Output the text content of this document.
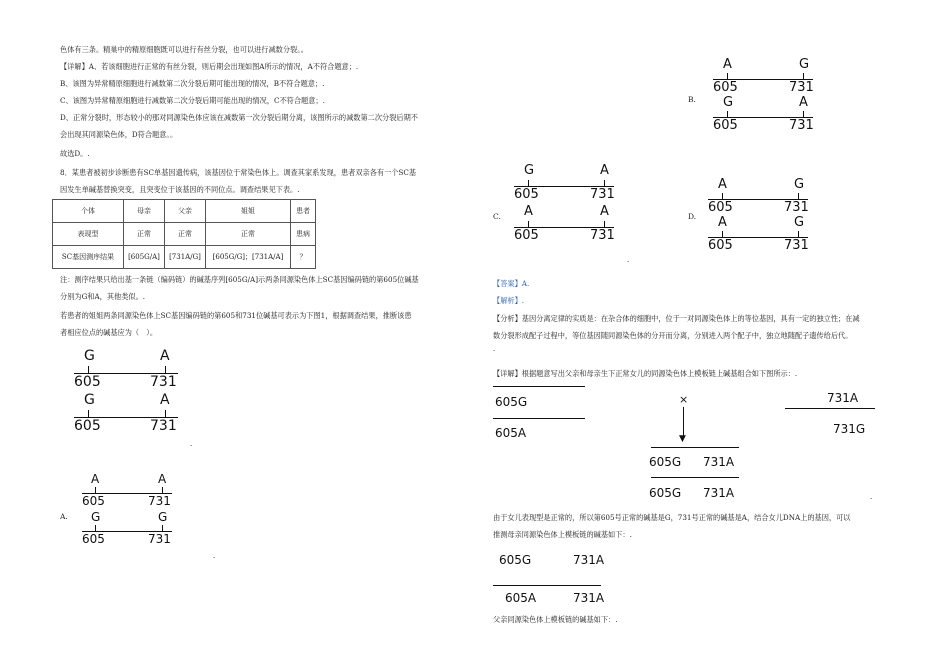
色体有三条。精巢中的精原细胞既可以进行有丝分裂，也可以进行减数分裂。。
【详解】A、若该细胞进行正常的有丝分裂，则后期会出现如图A所示的情况，A不符合题意；.
B、该图为异常精原细胞进行减数第二次分裂后期可能出现的情况，B不符合题意；.
C、该图为异常精原细胞进行减数第二次分裂后期可能出现的情况，C不符合题意；.
D、正常分裂时，形态较小的那对同源染色体应该在减数第一次分裂后期分离，该图所示的减数第二次分裂后期不
会出现其同源染色体，D符合题意。。
故选D。.
8．某患者被初步诊断患有SC单基因遗传病，该基因位于常染色体上。调查其家系发现，患者双亲各有一个SC基
因发生单碱基替换突变，且突变位于该基因的不同位点。调查结果见下表。.
个体	母亲	父亲	姐姐	患者
表现型	正常	正常	正常	患病
SC基因测序结果	[605G/A]	[731A/G]	[605G/G]；[731A/A]	？
注：测序结果只给出基一条链（编码链）的碱基序列[605G/A]示两条同源染色体上SC基因编码链的第605位碱基
分别为G和A，其他类似。.
若患者的姐姐两条同源染色体上SC基因编码链的第605和731位碱基可表示为下图1，根据调查结果，推断该患
者相应位点的碱基应为（　）。
G	A
605	731
G	A
605	731
.
A.
A	A
605	731
G	G
605	731
.
B.
A	G
605	731
G	A
605	731
C.
G	A
605	731
A	A
605	731
.
D.
A	G
605	731
A	G
605	731
【答案】A.
【解析】.
【分析】基因分离定律的实质是：在杂合体的细胞中，位于一对同源染色体上的等位基因，具有一定的独立性；在减
数分裂形成配子过程中，等位基因随同源染色体的分开而分离，分别进入两个配子中，独立地随配子遗传给后代。
.
【详解】根据题意写出父亲和母亲生下正常女儿的同源染色体上模板链上碱基组合如下图所示：.
605G
605A
×
▼
731A
731G
605G 731A
605G 731A	.
由于女儿表现型是正常的，所以第605号正常的碱基是G，731号正常的碱基是A，结合女儿DNA上的基因，可以
推测母亲同源染色体上模板链的碱基如下：.
605G	731A
605A	731A
父亲同源染色体上模板链的碱基如下：.
